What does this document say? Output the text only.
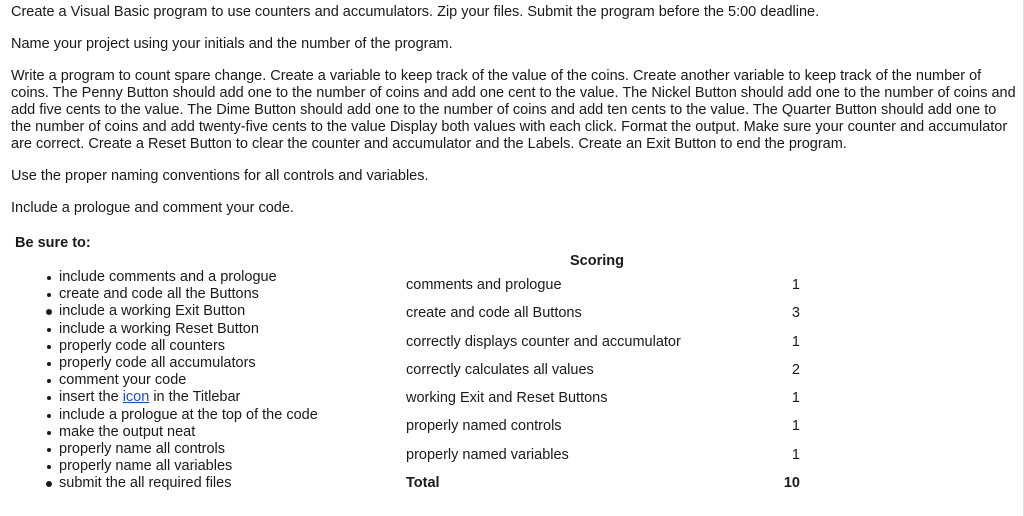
Create a Visual Basic program to use counters and accumulators. Zip your files. Submit the program before the 5:00 deadline.

Name your project using your initials and the number of the program.

Write a program to count spare change. Create a variable to keep track of the value of the coins. Create another variable to keep track of the number of coins. The Penny Button should add one to the number of coins and add one cent to the value. The Nickel Button should add one to the number of coins and add five cents to the value. The Dime Button should add one to the number of coins and add ten cents to the value. The Quarter Button should add one to the number of coins and add twenty-five cents to the value Display both values with each click. Format the output. Make sure your counter and accumulator are correct. Create a Reset Button to clear the counter and accumulator and the Labels. Create an Exit Button to end the program.

Use the proper naming conventions for all controls and variables.

Include a prologue and comment your code.

Be sure to:
include comments and a prologue
create and code all the Buttons
include a working Exit Button
include a working Reset Button
properly code all counters
properly code all accumulators
comment your code
insert the icon in the Titlebar
include a prologue at the top of the code
make the output neat
properly name all controls
properly name all variables
submit the all required files
Scoring
comments and prologue	1
create and code all Buttons	3
correctly displays counter and accumulator	1
correctly calculates all values	2
working Exit and Reset Buttons	1
properly named controls	1
properly named variables	1
Total	10
